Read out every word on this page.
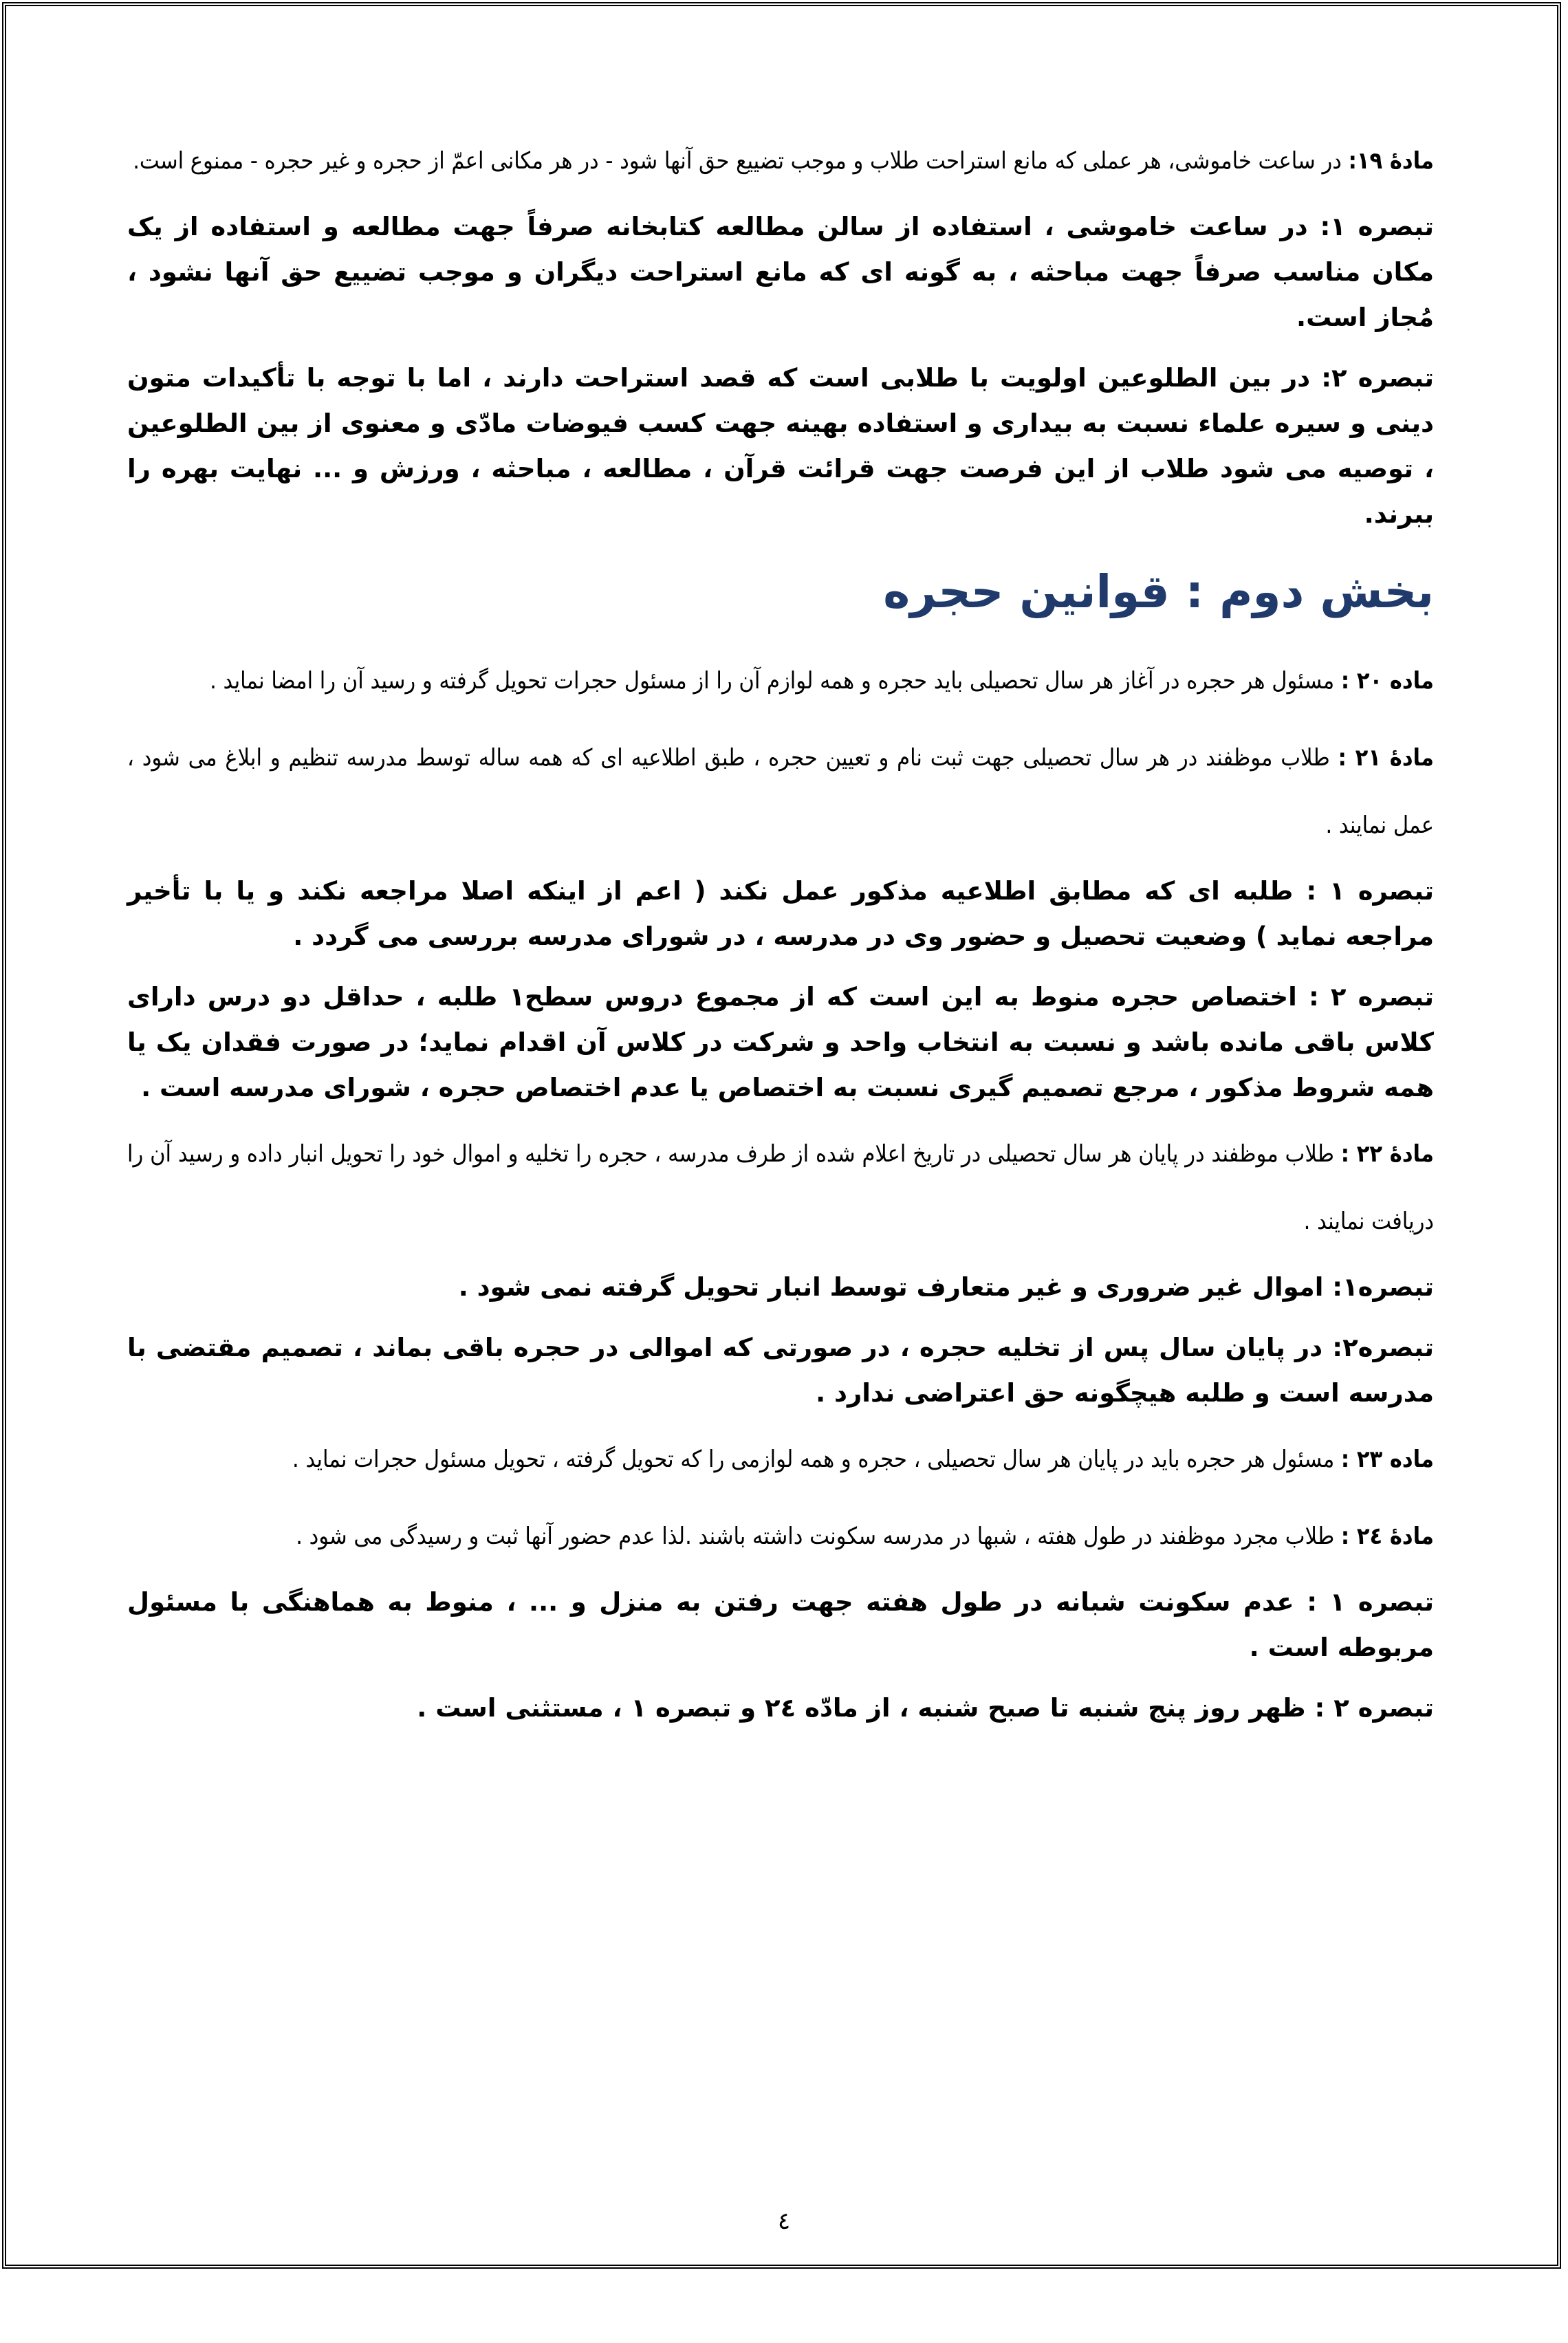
مادۀ ۱۹: در ساعت خاموشی، هر عملی که مانع استراحت طلاب و موجب تضییع حق آنها شود - در هر مکانی اعمّ از حجره و غیر حجره - ممنوع است.

تبصره ۱: در ساعت خاموشی ، استفاده از سالن مطالعه کتابخانه صرفاً جهت مطالعه و استفاده از یک مکان مناسب صرفاً جهت مباحثه ، به گونه ای که مانع استراحت دیگران و موجب تضییع حق آنها نشود ، مُجاز است.

تبصره ۲: در بین الطلوعین اولویت با طلابی است که قصد استراحت دارند ، اما با توجه با تأکیدات متون دینی و سیره علماء نسبت به بیداری و استفاده بهینه جهت کسب فیوضات مادّی و معنوی از بین الطلوعین ، توصیه می شود طلاب از این فرصت جهت قرائت قرآن ، مطالعه ، مباحثه ، ورزش و ... نهایت بهره را ببرند.

بخش دوم : قوانین حجره

ماده ۲۰ : مسئول هر حجره در آغاز هر سال تحصیلی باید حجره و همه لوازم آن را از مسئول حجرات تحویل گرفته و رسید آن را امضا نماید .

مادۀ ۲۱ : طلاب موظفند در هر سال تحصیلی جهت ثبت نام و تعیین حجره ، طبق اطلاعیه ای که همه ساله توسط مدرسه تنظیم و ابلاغ می شود ، عمل نمایند .

تبصره ۱ : طلبه ای که مطابق اطلاعیه مذکور عمل نکند ( اعم از اینکه اصلا مراجعه نکند و یا با تأخیر مراجعه نماید ) وضعیت تحصیل و حضور وی در مدرسه ، در شورای مدرسه بررسی می گردد .

تبصره ۲ : اختصاص حجره منوط به این است که از مجموع دروس سطح۱ طلبه ، حداقل دو درس دارای کلاس باقی مانده باشد و نسبت به انتخاب واحد و شرکت در کلاس آن اقدام نماید؛ در صورت فقدان یک یا همه شروط مذکور ، مرجع تصمیم گیری نسبت به اختصاص یا عدم اختصاص حجره ، شورای مدرسه است .

مادۀ ۲۲ : طلاب موظفند در پایان هر سال تحصیلی در تاریخ اعلام شده از طرف مدرسه ، حجره را تخلیه و اموال خود را تحویل انبار داده و رسید آن را دریافت نمایند .

تبصره۱: اموال غیر ضروری و غیر متعارف توسط انبار تحویل گرفته نمی شود .

تبصره۲: در پایان سال پس از تخلیه حجره ، در صورتی که اموالی در حجره باقی بماند ، تصمیم مقتضی با مدرسه است و طلبه هیچگونه حق اعتراضی ندارد .

ماده ۲۳ : مسئول هر حجره باید در پایان هر سال تحصیلی ، حجره و همه لوازمی را که تحویل گرفته ، تحویل مسئول حجرات نماید .

مادۀ ۲٤ : طلاب مجرد موظفند در طول هفته ، شبها در مدرسه سکونت داشته باشند .لذا عدم حضور آنها ثبت و رسیدگی می شود .

تبصره ۱ : عدم سکونت شبانه در طول هفته جهت رفتن به منزل و ... ، منوط به هماهنگی با مسئول مربوطه است .

تبصره ۲ : ظهر روز پنج شنبه تا صبح شنبه ، از مادّه ۲٤ و تبصره ۱ ، مستثنی است .

٤
